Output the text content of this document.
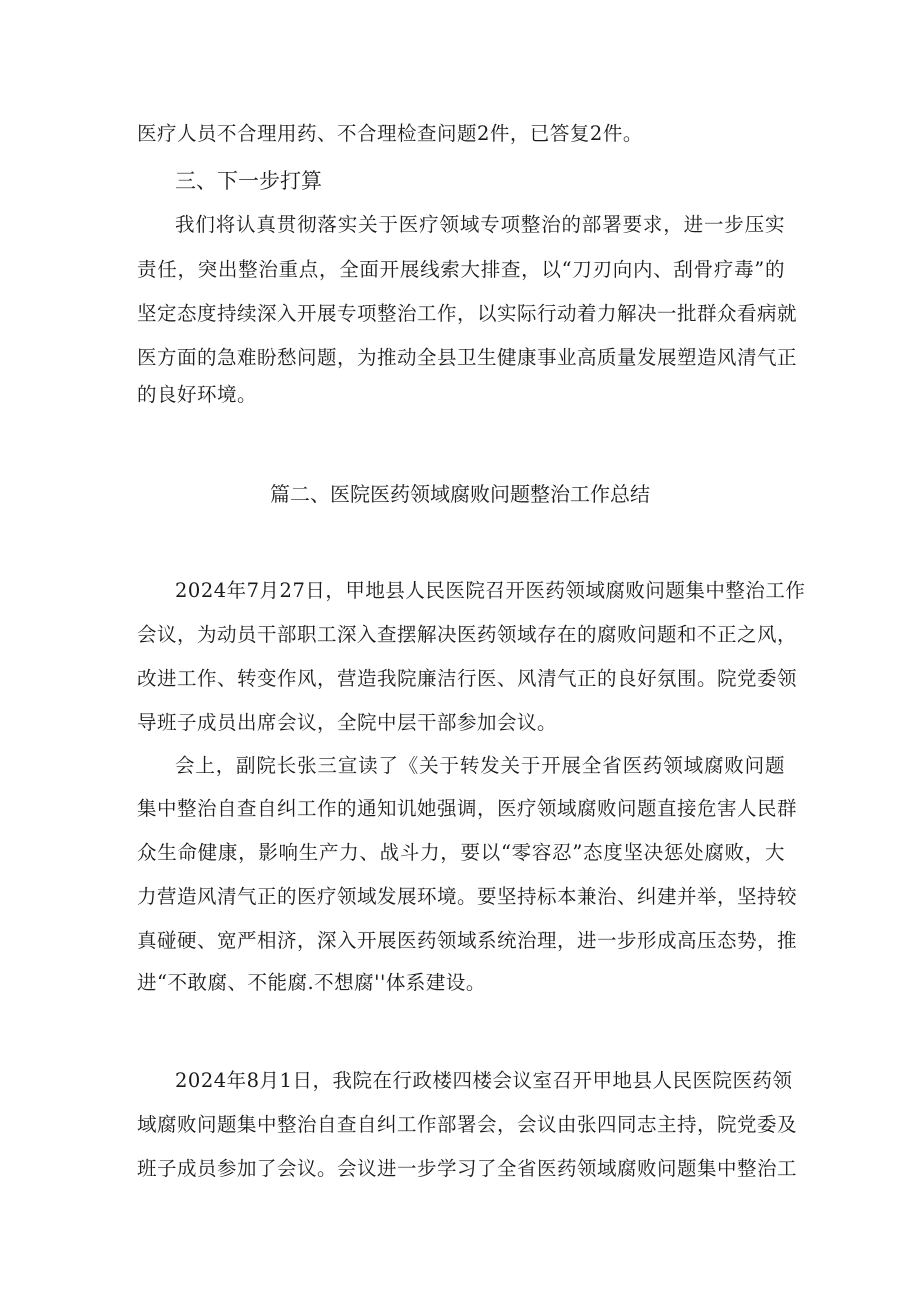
医疗人员不合理用药、不合理检查问题2件，已答复2件。
三、下一步打算
我们将认真贯彻落实关于医疗领域专项整治的部署要求，进一步压实
责任，突出整治重点，全面开展线索大排查，以“刀刃向内、刮骨疗毒”的
坚定态度持续深入开展专项整治工作，以实际行动着力解决一批群众看病就
医方面的急难盼愁问题，为推动全县卫生健康事业高质量发展塑造风清气正
的良好环境。
篇二、医院医药领域腐败问题整治工作总结
2024年7月27日，甲地县人民医院召开医药领域腐败问题集中整治工作
会议，为动员干部职工深入查摆解决医药领域存在的腐败问题和不正之风，
改进工作、转变作风，营造我院廉洁行医、风清气正的良好氛围。院党委领
导班子成员出席会议，全院中层干部参加会议。
会上，副院长张三宣读了《关于转发关于开展全省医药领域腐败问题
集中整治自查自纠工作的通知讥她强调，医疗领域腐败问题直接危害人民群
众生命健康，影响生产力、战斗力，要以“零容忍”态度坚决惩处腐败，大
力营造风清气正的医疗领域发展环境。要坚持标本兼治、纠建并举，坚持较
真碰硬、宽严相济，深入开展医药领域系统治理，进一步形成高压态势，推
进“不敢腐、不能腐.不想腐''体系建设。
2024年8月1日，我院在行政楼四楼会议室召开甲地县人民医院医药领
域腐败问题集中整治自查自纠工作部署会，会议由张四同志主持，院党委及
班子成员参加了会议。会议进一步学习了全省医药领域腐败问题集中整治工
